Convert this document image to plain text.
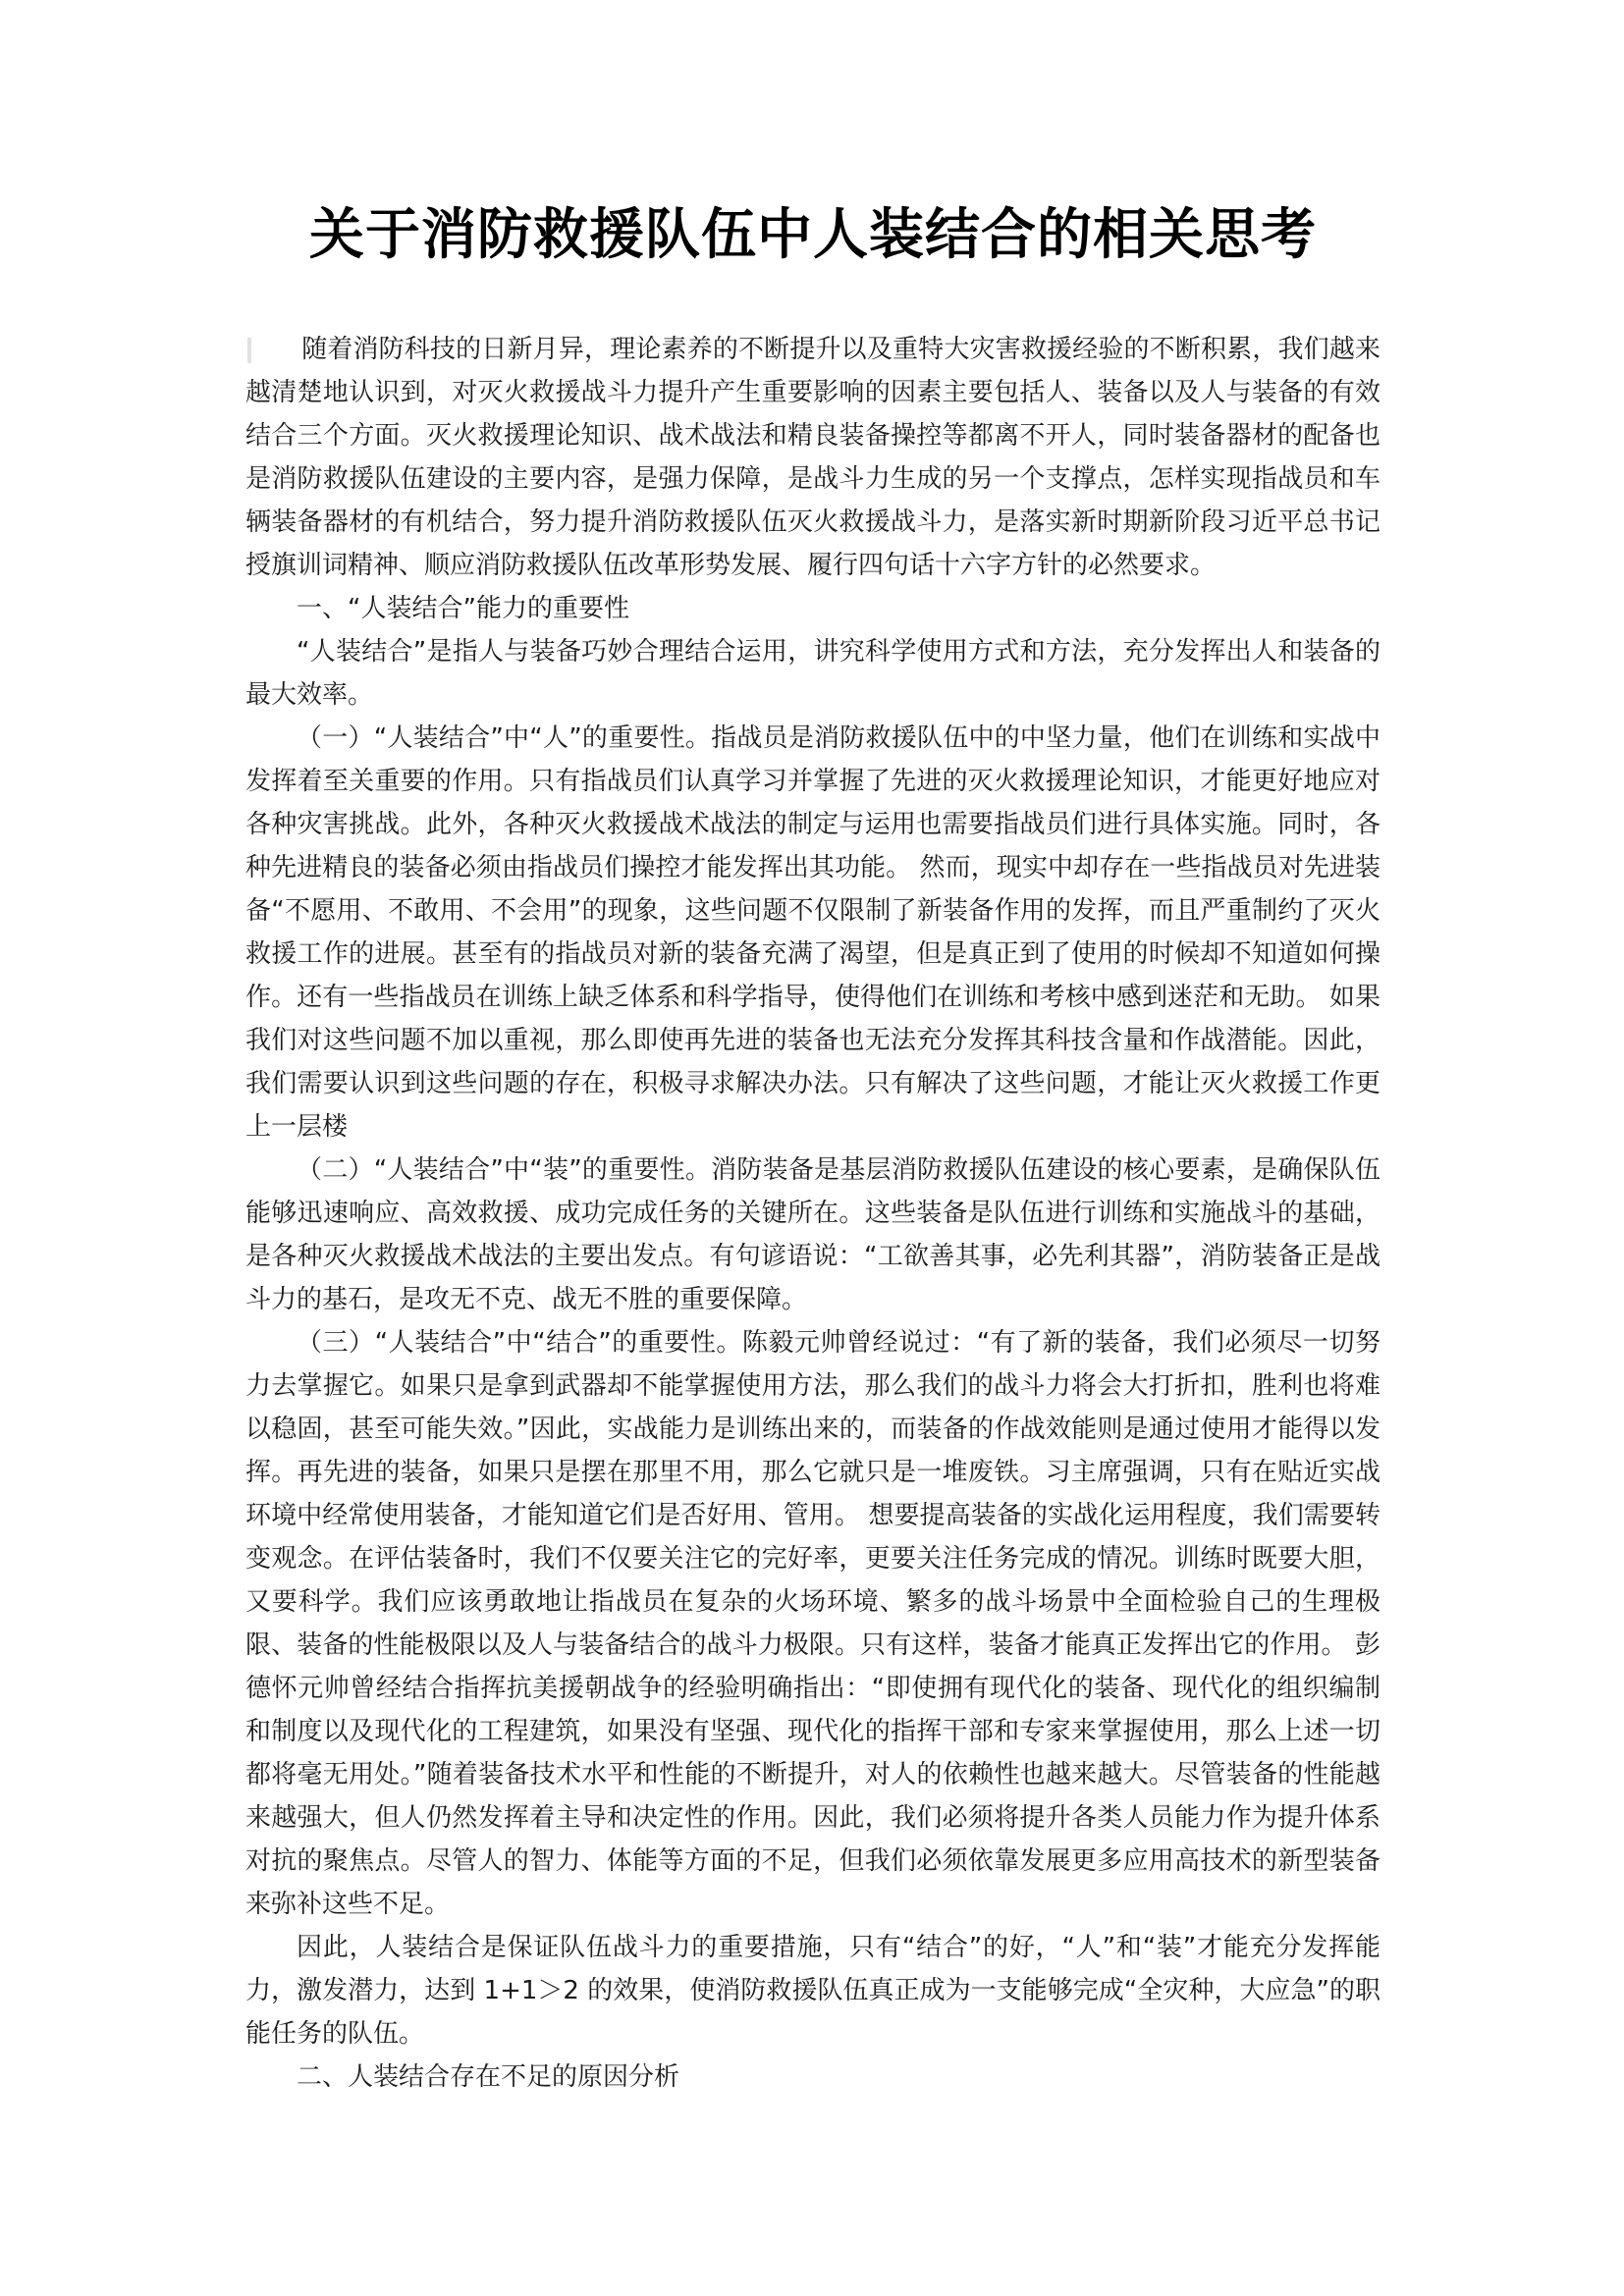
关于消防救援队伍中人装结合的相关思考

随着消防科技的日新月异，理论素养的不断提升以及重特大灾害救援经验的不断积累，我们越来越清楚地认识到，对灭火救援战斗力提升产生重要影响的因素主要包括人、装备以及人与装备的有效结合三个方面。灭火救援理论知识、战术战法和精良装备操控等都离不开人，同时装备器材的配备也是消防救援队伍建设的主要内容，是强力保障，是战斗力生成的另一个支撑点，怎样实现指战员和车辆装备器材的有机结合，努力提升消防救援队伍灭火救援战斗力，是落实新时期新阶段习近平总书记授旗训词精神、顺应消防救援队伍改革形势发展、履行四句话十六字方针的必然要求。

一、“人装结合”能力的重要性

“人装结合”是指人与装备巧妙合理结合运用，讲究科学使用方式和方法，充分发挥出人和装备的最大效率。

（一）“人装结合”中“人”的重要性。指战员是消防救援队伍中的中坚力量，他们在训练和实战中发挥着至关重要的作用。只有指战员们认真学习并掌握了先进的灭火救援理论知识，才能更好地应对各种灾害挑战。此外，各种灭火救援战术战法的制定与运用也需要指战员们进行具体实施。同时，各种先进精良的装备必须由指战员们操控才能发挥出其功能。 然而，现实中却存在一些指战员对先进装备“不愿用、不敢用、不会用”的现象，这些问题不仅限制了新装备作用的发挥，而且严重制约了灭火救援工作的进展。甚至有的指战员对新的装备充满了渴望，但是真正到了使用的时候却不知道如何操作。还有一些指战员在训练上缺乏体系和科学指导，使得他们在训练和考核中感到迷茫和无助。 如果我们对这些问题不加以重视，那么即使再先进的装备也无法充分发挥其科技含量和作战潜能。因此，我们需要认识到这些问题的存在，积极寻求解决办法。只有解决了这些问题，才能让灭火救援工作更上一层楼

（二）“人装结合”中“装”的重要性。消防装备是基层消防救援队伍建设的核心要素，是确保队伍能够迅速响应、高效救援、成功完成任务的关键所在。这些装备是队伍进行训练和实施战斗的基础，是各种灭火救援战术战法的主要出发点。有句谚语说：“工欲善其事，必先利其器”，消防装备正是战斗力的基石，是攻无不克、战无不胜的重要保障。

（三）“人装结合”中“结合”的重要性。陈毅元帅曾经说过：“有了新的装备，我们必须尽一切努力去掌握它。如果只是拿到武器却不能掌握使用方法，那么我们的战斗力将会大打折扣，胜利也将难以稳固，甚至可能失效。”因此，实战能力是训练出来的，而装备的作战效能则是通过使用才能得以发挥。再先进的装备，如果只是摆在那里不用，那么它就只是一堆废铁。习主席强调，只有在贴近实战环境中经常使用装备，才能知道它们是否好用、管用。 想要提高装备的实战化运用程度，我们需要转变观念。在评估装备时，我们不仅要关注它的完好率，更要关注任务完成的情况。训练时既要大胆，又要科学。我们应该勇敢地让指战员在复杂的火场环境、繁多的战斗场景中全面检验自己的生理极限、装备的性能极限以及人与装备结合的战斗力极限。只有这样，装备才能真正发挥出它的作用。 彭德怀元帅曾经结合指挥抗美援朝战争的经验明确指出：“即使拥有现代化的装备、现代化的组织编制和制度以及现代化的工程建筑，如果没有坚强、现代化的指挥干部和专家来掌握使用，那么上述一切都将毫无用处。”随着装备技术水平和性能的不断提升，对人的依赖性也越来越大。尽管装备的性能越来越强大，但人仍然发挥着主导和决定性的作用。因此，我们必须将提升各类人员能力作为提升体系对抗的聚焦点。尽管人的智力、体能等方面的不足，但我们必须依靠发展更多应用高技术的新型装备来弥补这些不足。

因此，人装结合是保证队伍战斗力的重要措施，只有“结合”的好，“人”和“装”才能充分发挥能力，激发潜力，达到 1+1＞2 的效果，使消防救援队伍真正成为一支能够完成“全灾种，大应急”的职能任务的队伍。

二、人装结合存在不足的原因分析
